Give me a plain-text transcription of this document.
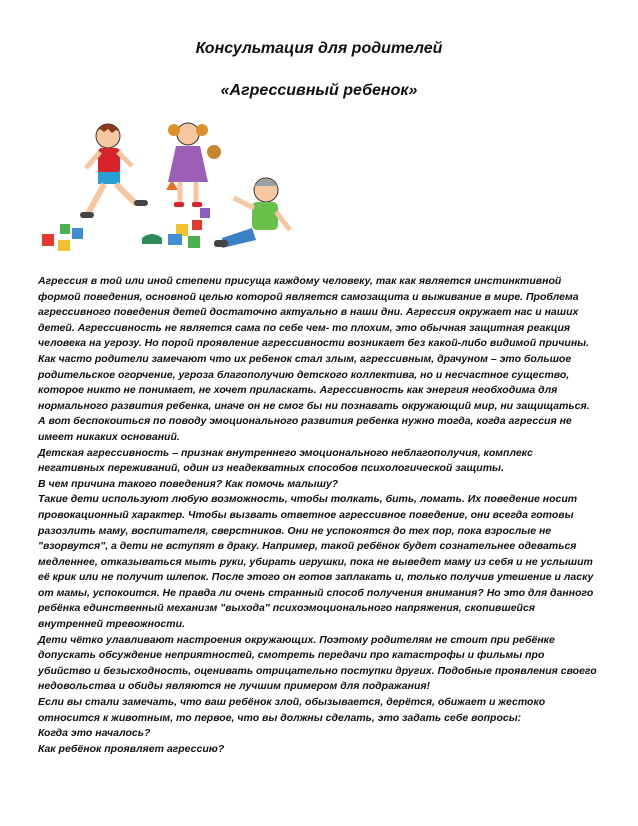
Консультация для родителей
«Агрессивный ребенок»

Агрессия в той или иной степени присуща каждому человеку, так как является инстинктивной формой поведения, основной целью которой является самозащита и выживание в мире. Проблема агрессивного поведения детей достаточно актуально в наши дни. Агрессия окружает нас и наших детей. Агрессивность не является сама по себе чем- то плохим, это обычная защитная реакция человека на угрозу. Но порой проявление агрессивности возникает без какой-либо видимой причины. Как часто родители замечают что их ребенок стал злым, агрессивным, драчуном – это большое родительское огорчение, угроза благополучию детского коллектива, но и несчастное существо, которое никто не понимает, не хочет приласкать. Агрессивность как энергия необходима для нормального развития ребенка, иначе он не смог бы ни познавать окружающий мир, ни защищаться. А вот беспокоиться по поводу эмоционального развития ребенка нужно тогда, когда агрессия не имеет никаких оснований.

Детская агрессивность – признак внутреннего эмоционального неблагополучия, комплекс негативных переживаний, один из неадекватных способов психологической защиты.

В чем причина такого поведения? Как помочь малышу?

Такие дети используют любую возможность, чтобы толкать, бить, ломать. Их поведение носит провокационный характер. Чтобы вызвать ответное агрессивное поведение, они всегда готовы разозлить маму, воспитателя, сверстников. Они не успокоятся до тех пор, пока взрослые не "взорвутся", а дети не вступят в драку. Например, такой ребёнок будет сознательнее одеваться медленнее, отказываться мыть руки, убирать игрушки, пока не выведет маму из себя и не услышит её крик или не получит шлепок. После этого он готов заплакать и, только получив утешение и ласку от мамы, успокоится. Не правда ли очень странный способ получения внимания? Но это для данного ребёнка единственный механизм "выхода" психоэмоционального напряжения, скопившейся внутренней тревожности.

Дети чётко улавливают настроения окружающих. Поэтому родителям не стоит при ребёнке допускать обсуждение неприятностей, смотреть передачи про катастрофы и фильмы про убийство и безысходность, оценивать отрицательно поступки других. Подобные проявления своего недовольства и обиды являются не лучшим примером для подражания!

Если вы стали замечать, что ваш ребёнок злой, обызывается, дерётся, обижает и жестоко относится к животным, то первое, что вы должны сделать, это задать себе вопросы:

Когда это началось?

Как ребёнок проявляет агрессию?
